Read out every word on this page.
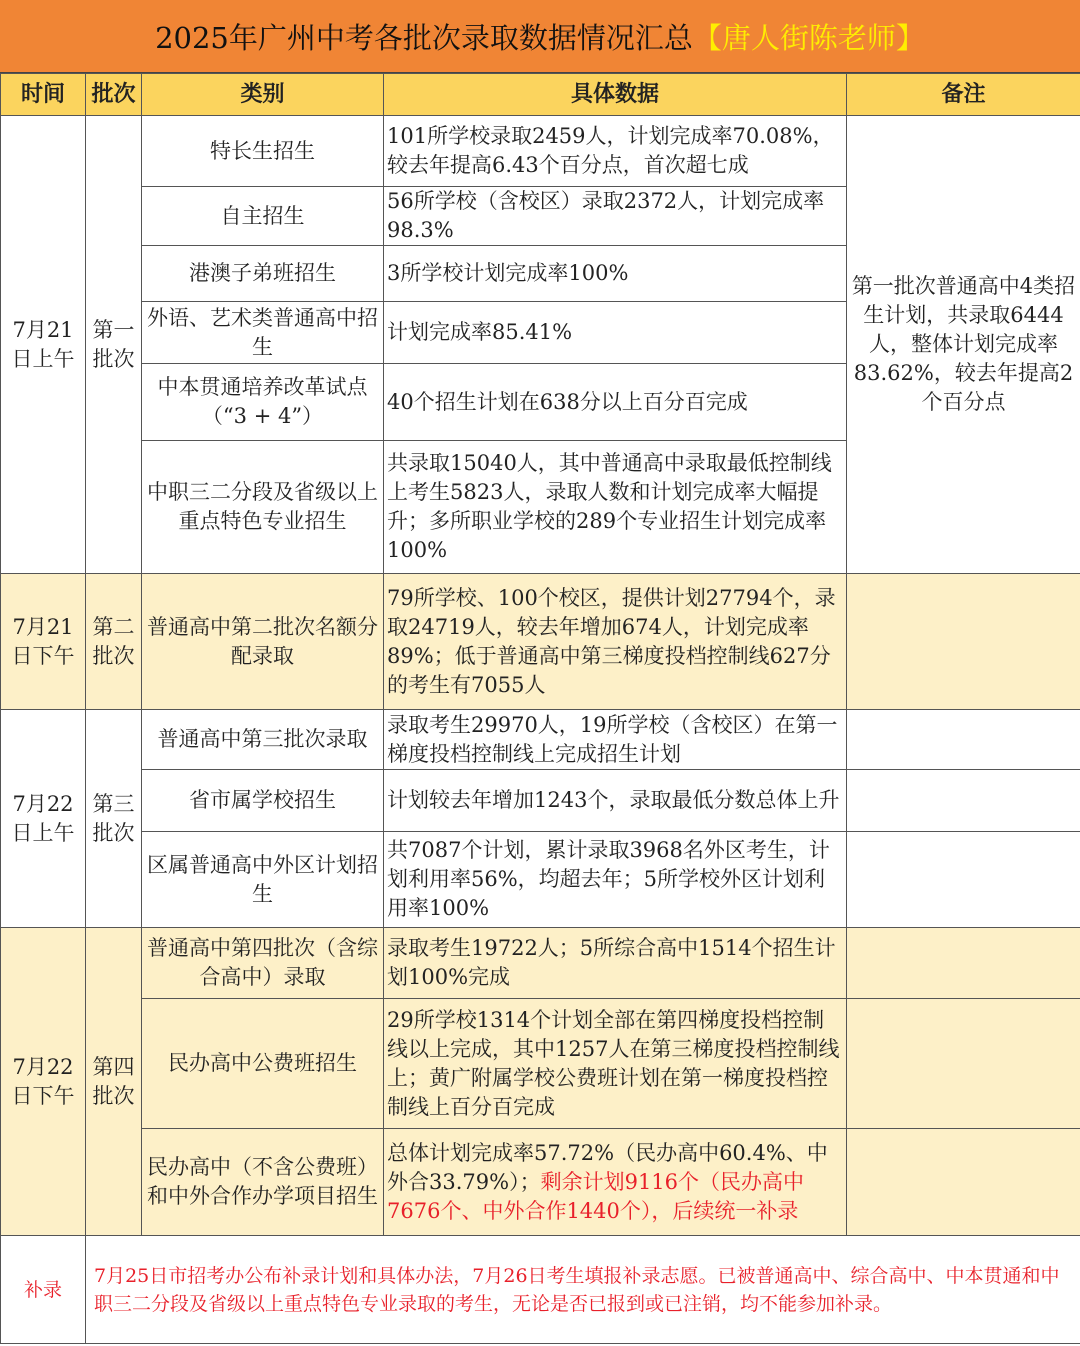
2025年广州中考各批次录取数据情况汇总 【唐人街陈老师】
时间	批次	类别	具体数据	备注
7月21日上午	第一批次	特长生招生	101所学校录取2459人，计划完成率70.08%，较去年提高6.43个百分点，首次超七成	第一批次普通高中4类招生计划，共录取6444人，整体计划完成率83.62%，较去年提高2个百分点
		自主招生	56所学校（含校区）录取2372人，计划完成率98.3%	
		港澳子弟班招生	3所学校计划完成率100%	
		外语、艺术类普通高中招生	计划完成率85.41%	
		中本贯通培养改革试点（“3 + 4”）	40个招生计划在638分以上百分百完成	
		中职三二分段及省级以上重点特色专业招生	共录取15040人，其中普通高中录取最低控制线上考生5823人，录取人数和计划完成率大幅提升；多所职业学校的289个专业招生计划完成率100%	
7月21日下午	第二批次	普通高中第二批次名额分配录取	79所学校、100个校区，提供计划27794个，录取24719人，较去年增加674人，计划完成率89%；低于普通高中第三梯度投档控制线627分的考生有7055人	
7月22日上午	第三批次	普通高中第三批次录取	录取考生29970人，19所学校（含校区）在第一梯度投档控制线上完成招生计划	
		省市属学校招生	计划较去年增加1243个，录取最低分数总体上升	
		区属普通高中外区计划招生	共7087个计划，累计录取3968名外区考生，计划利用率56%，均超去年；5所学校外区计划利用率100%	
7月22日下午	第四批次	普通高中第四批次（含综合高中）录取	录取考生19722人；5所综合高中1514个招生计划100%完成	
		民办高中公费班招生	29所学校1314个计划全部在第四梯度投档控制线以上完成，其中1257人在第三梯度投档控制线上；黄广附属学校公费班计划在第一梯度投档控制线上百分百完成	
		民办高中（不含公费班） 和中外合作办学项目招生	总体计划完成率57.72%（民办高中60.4%、中外合33.79%）；剩余计划9116个（民办高中7676个、中外合作1440个），后续统一补录	
补录	7月25日市招考办公布补录计划和具体办法，7月26日考生填报补录志愿。已被普通高中、综合高中、中本贯通和中职三二分段及省级以上重点特色专业录取的考生，无论是否已报到或已注销，均不能参加补录。			
